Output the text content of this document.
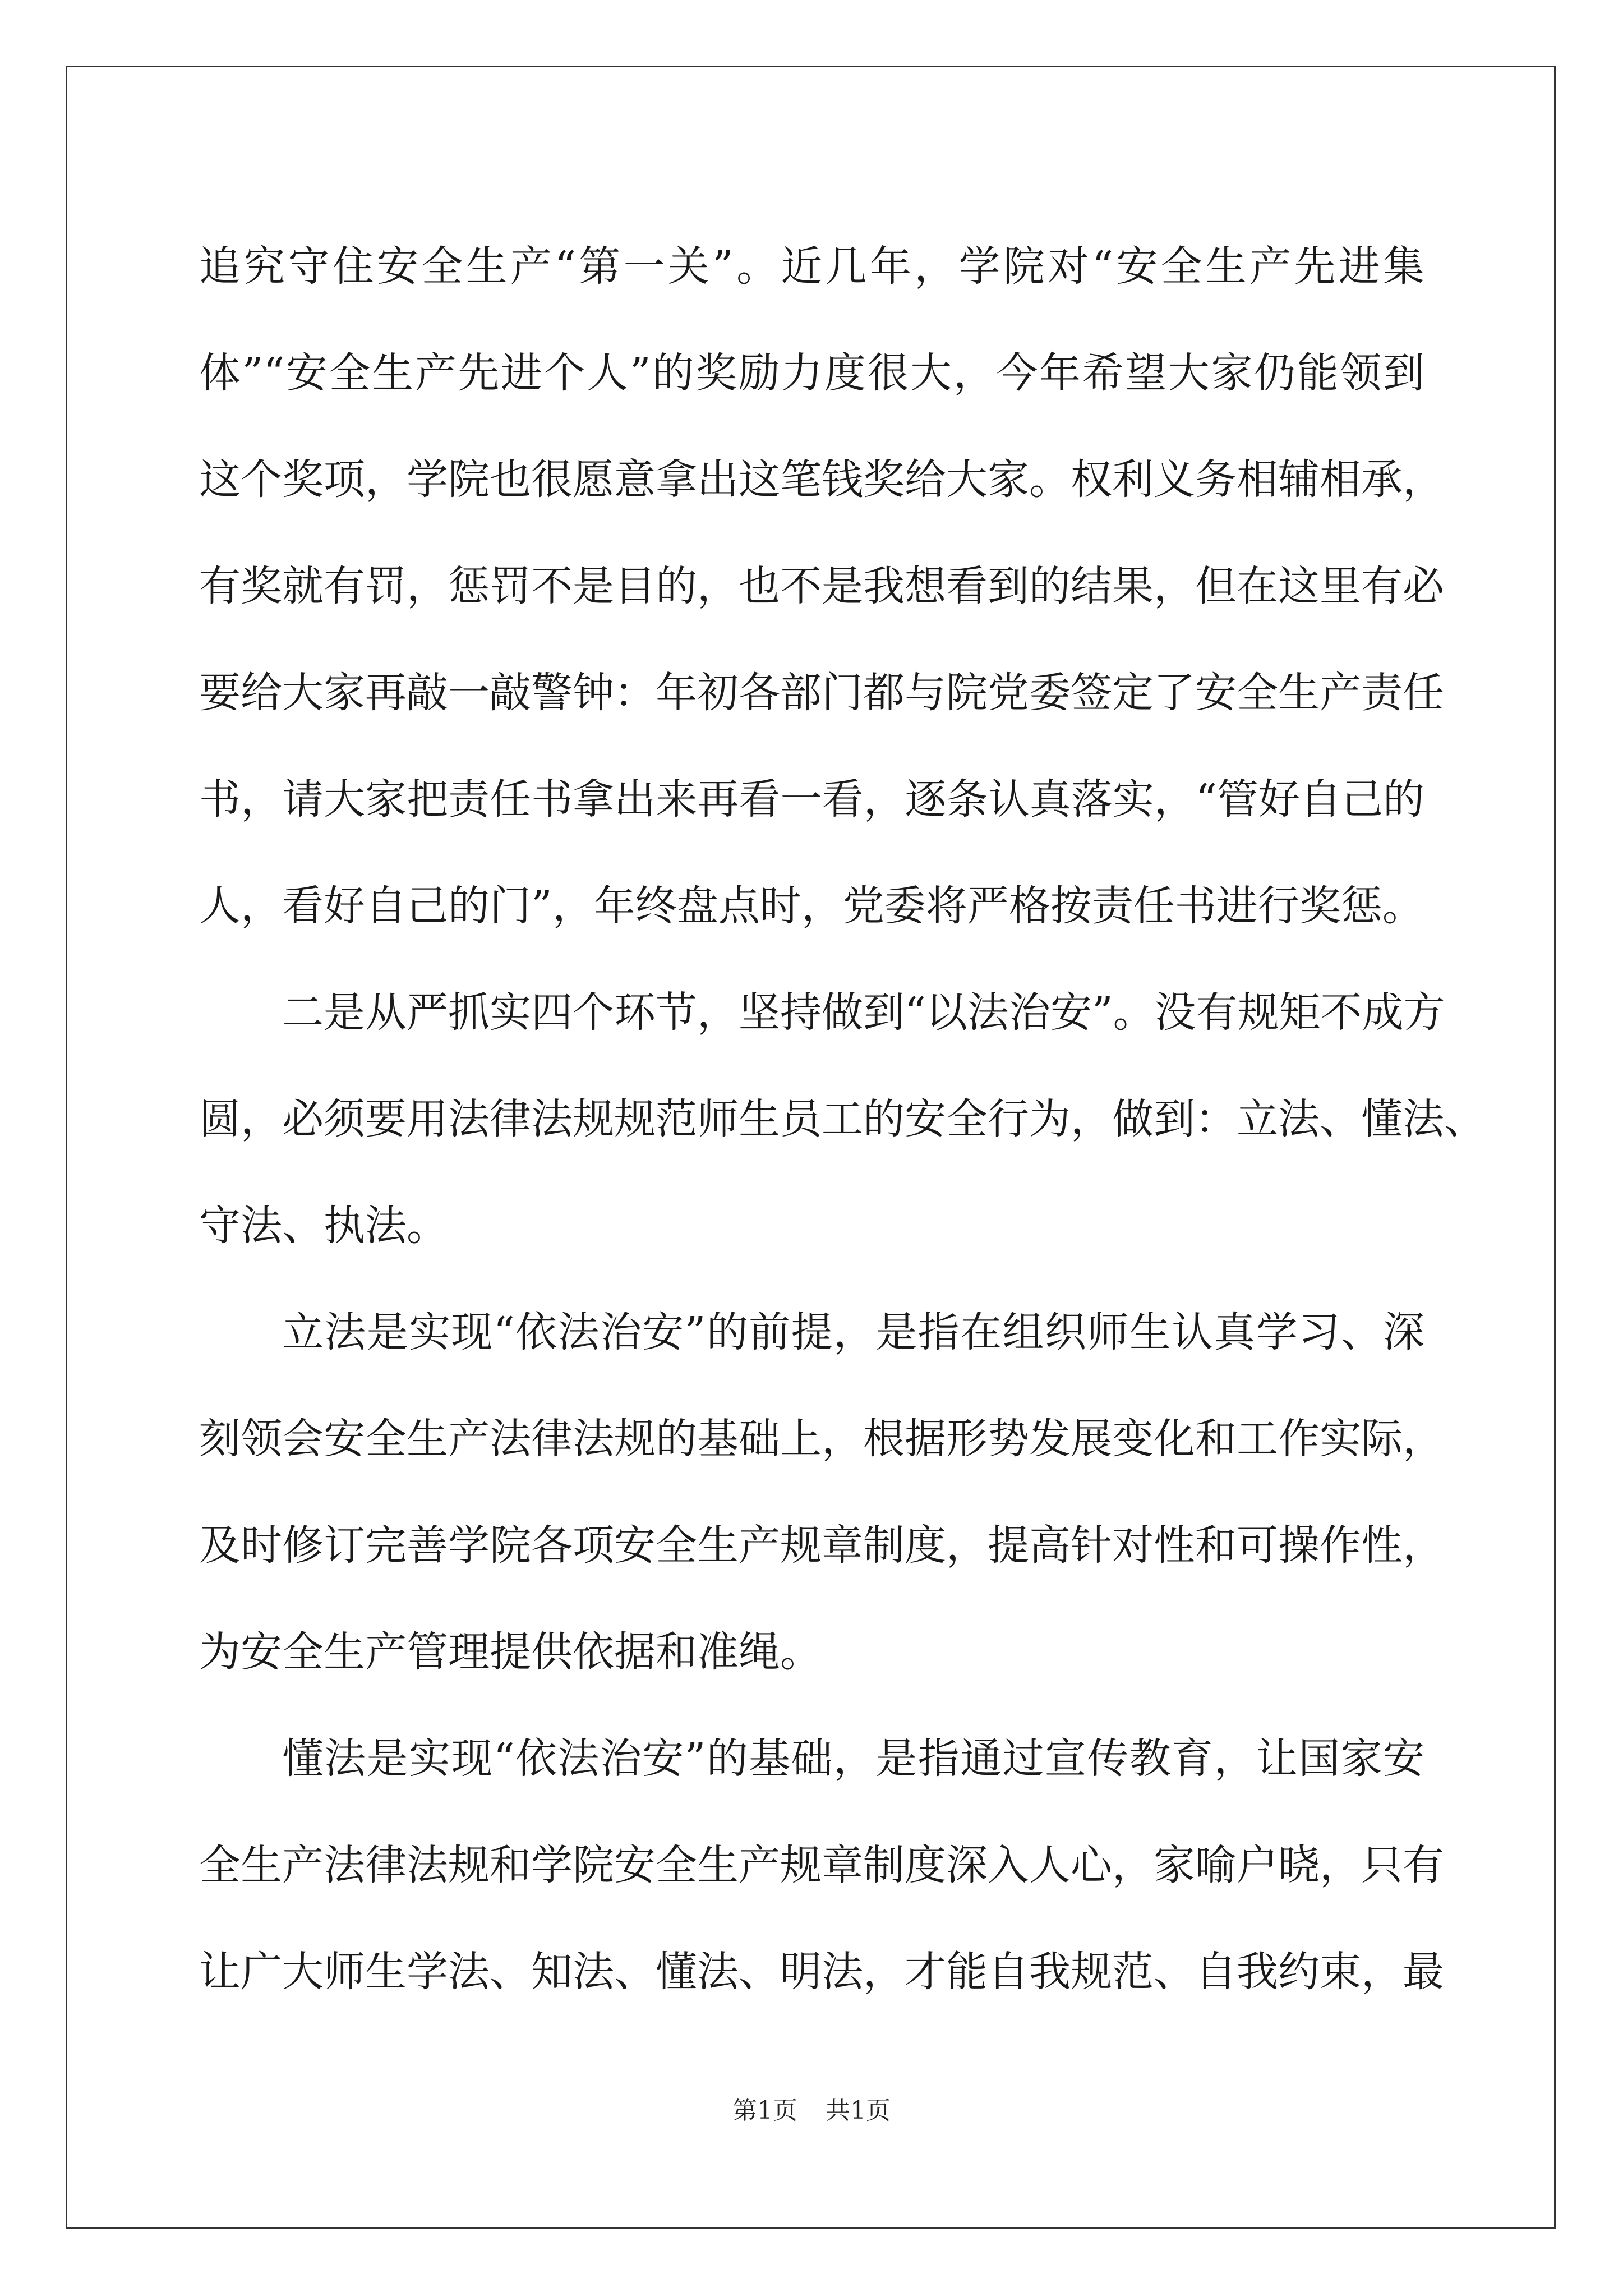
追究守住安全生产“第一关”。近几年，学院对“安全生产先进集
体”“安全生产先进个人”的奖励力度很大，今年希望大家仍能领到
这个奖项，学院也很愿意拿出这笔钱奖给大家。权利义务相辅相承，
有奖就有罚，惩罚不是目的，也不是我想看到的结果，但在这里有必
要给大家再敲一敲警钟：年初各部门都与院党委签定了安全生产责任
书，请大家把责任书拿出来再看一看，逐条认真落实，“管好自己的
人，看好自己的门”，年终盘点时，党委将严格按责任书进行奖惩。
二是从严抓实四个环节，坚持做到“以法治安”。没有规矩不成方
圆，必须要用法律法规规范师生员工的安全行为，做到：立法、懂法、
守法、执法。
立法是实现“依法治安”的前提，是指在组织师生认真学习、深
刻领会安全生产法律法规的基础上，根据形势发展变化和工作实际，
及时修订完善学院各项安全生产规章制度，提高针对性和可操作性，
为安全生产管理提供依据和准绳。
懂法是实现“依法治安”的基础，是指通过宣传教育，让国家安
全生产法律法规和学院安全生产规章制度深入人心，家喻户晓，只有
让广大师生学法、知法、懂法、明法，才能自我规范、自我约束，最
第1页 共1页
